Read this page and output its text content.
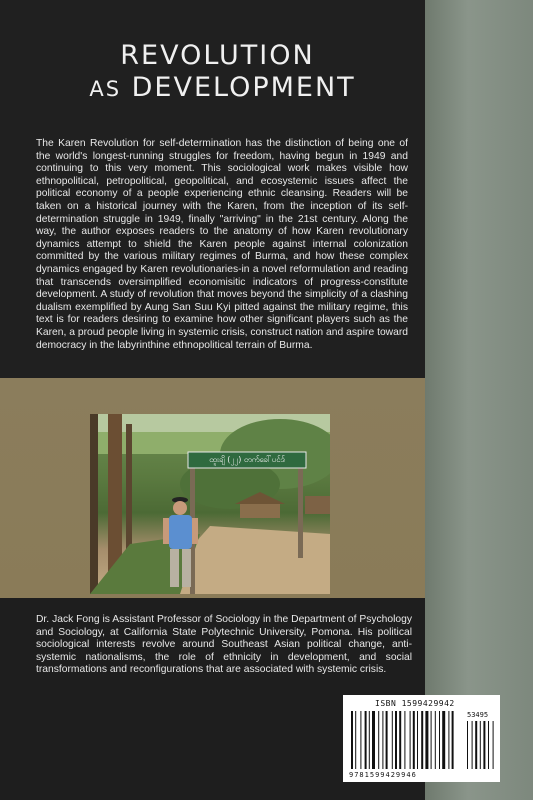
REVOLUTION
AS DEVELOPMENT

The Karen Revolution for self-determination has the distinction of being one of the world's longest-running struggles for freedom, having begun in 1949 and continuing to this very moment. This sociological work makes visible how ethnopolitical, petropolitical, geopolitical, and ecosystemic issues affect the political economy of a people experiencing ethnic cleansing. Readers will be taken on a historical journey with the Karen, from the inception of its self-determination struggle in 1949, finally "arriving" in the 21st century. Along the way, the author exposes readers to the anatomy of how Karen revolutionary dynamics attempt to shield the Karen people against internal colonization committed by the various military regimes of Burma, and how these complex dynamics engaged by Karen revolutionaries-in a novel reformulation and reading that transcends oversimplified economisitic indicators of progress-constitute development. A study of revolution that moves beyond the simplicity of a clashing dualism exemplified by Aung San Suu Kyi pitted against the military regime, this text is for readers desiring to examine how other significant players such as the Karen, a proud people living in systemic crisis, construct nation and aspire toward democracy in the labyrinthine ethnopolitical terrain of Burma.

ထူးချိ (၂၂) တက်ခေါ်ပင်ဒ်

Dr. Jack Fong is Assistant Professor of Sociology in the Department of Psychology and Sociology, at California State Polytechnic University, Pomona. His political sociological interests revolve around Southeast Asian political change, anti-systemic nationalisms, the role of ethnicity in development, and social transformations and reconfigurations that are associated with systemic crisis.

ISBN 1599429942
53495
9781599429946
